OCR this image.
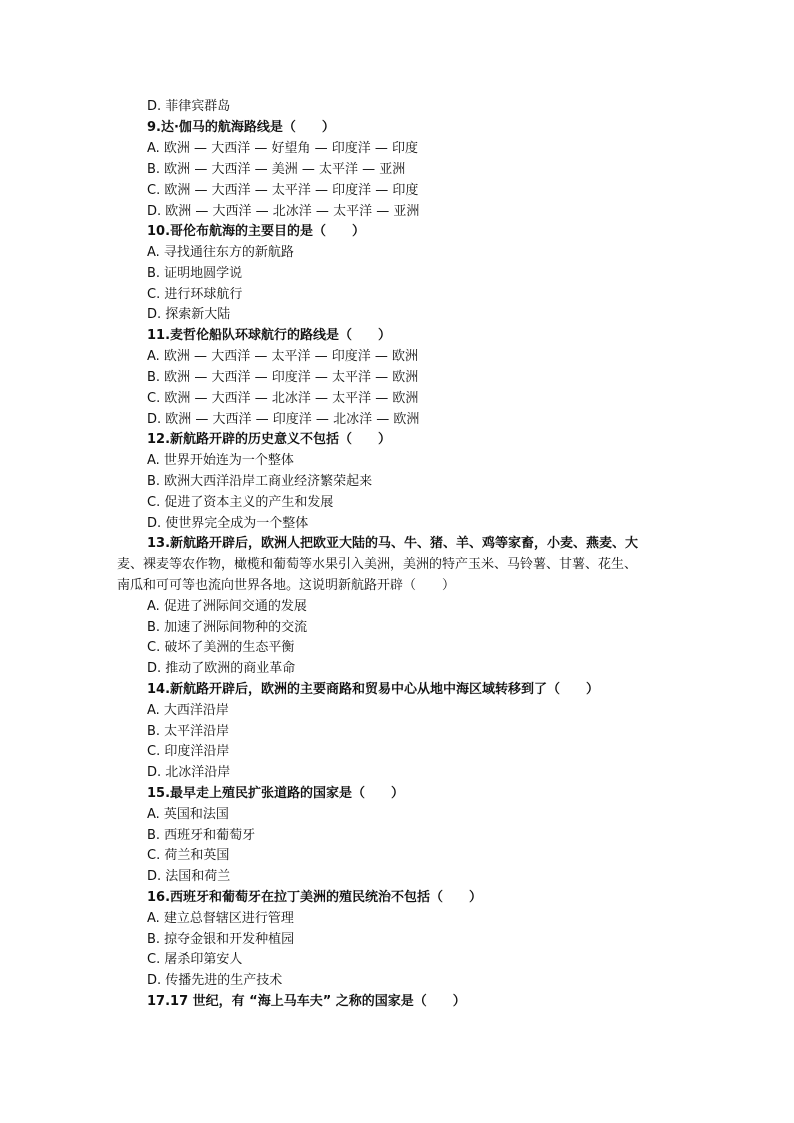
D. 菲律宾群岛
9.达·伽马的航海路线是（　　）
A. 欧洲 — 大西洋 — 好望角 — 印度洋 — 印度
B. 欧洲 — 大西洋 — 美洲 — 太平洋 — 亚洲
C. 欧洲 — 大西洋 — 太平洋 — 印度洋 — 印度
D. 欧洲 — 大西洋 — 北冰洋 — 太平洋 — 亚洲
10.哥伦布航海的主要目的是（　　）
A. 寻找通往东方的新航路
B. 证明地圆学说
C. 进行环球航行
D. 探索新大陆
11.麦哲伦船队环球航行的路线是（　　）
A. 欧洲 — 大西洋 — 太平洋 — 印度洋 — 欧洲
B. 欧洲 — 大西洋 — 印度洋 — 太平洋 — 欧洲
C. 欧洲 — 大西洋 — 北冰洋 — 太平洋 — 欧洲
D. 欧洲 — 大西洋 — 印度洋 — 北冰洋 — 欧洲
12.新航路开辟的历史意义不包括（　　）
A. 世界开始连为一个整体
B. 欧洲大西洋沿岸工商业经济繁荣起来
C. 促进了资本主义的产生和发展
D. 使世界完全成为一个整体
13.新航路开辟后，欧洲人把欧亚大陆的马、牛、猪、羊、鸡等家畜，小麦、燕麦、大
麦、裸麦等农作物，橄榄和葡萄等水果引入美洲，美洲的特产玉米、马铃薯、甘薯、花生、
南瓜和可可等也流向世界各地。这说明新航路开辟（　　）
A. 促进了洲际间交通的发展
B. 加速了洲际间物种的交流
C. 破坏了美洲的生态平衡
D. 推动了欧洲的商业革命
14.新航路开辟后，欧洲的主要商路和贸易中心从地中海区域转移到了（　　）
A. 大西洋沿岸
B. 太平洋沿岸
C. 印度洋沿岸
D. 北冰洋沿岸
15.最早走上殖民扩张道路的国家是（　　）
A. 英国和法国
B. 西班牙和葡萄牙
C. 荷兰和英国
D. 法国和荷兰
16.西班牙和葡萄牙在拉丁美洲的殖民统治不包括（　　）
A. 建立总督辖区进行管理
B. 掠夺金银和开发种植园
C. 屠杀印第安人
D. 传播先进的生产技术
17.17 世纪，有 “海上马车夫” 之称的国家是（　　）
